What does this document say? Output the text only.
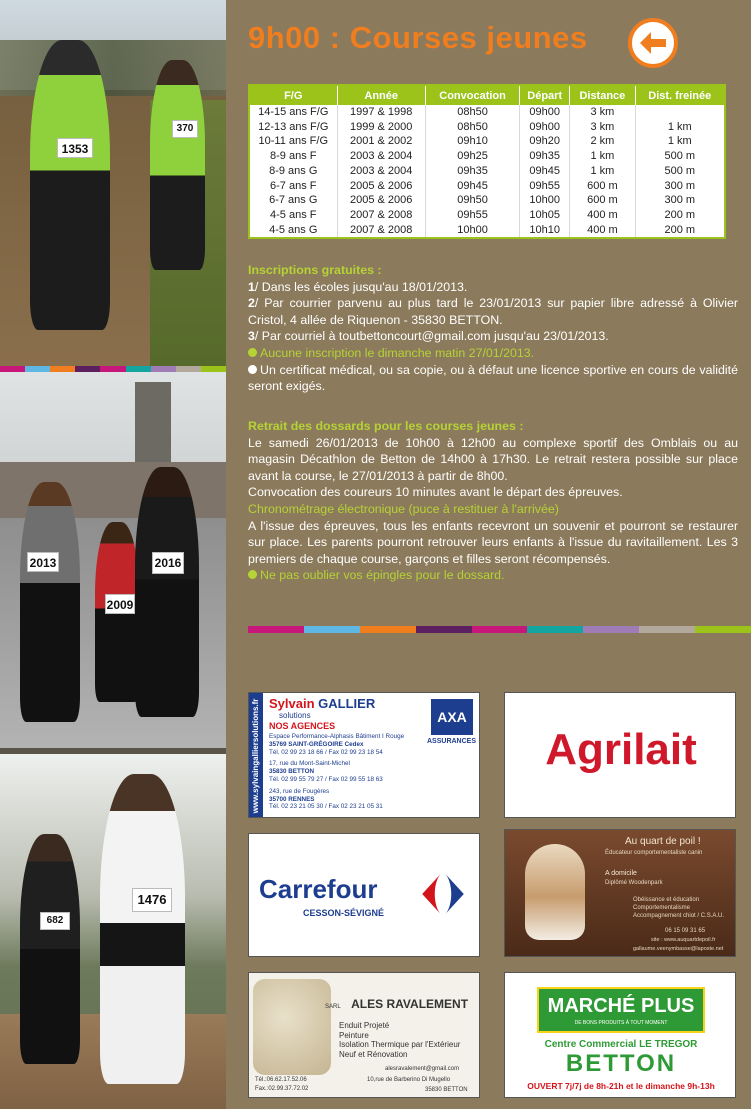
1353
370
2013	2016
2009
682
1476
9h00 : Courses jeunes
F/G	Année	Convocation	Départ	Distance	Dist. freinée
14-15 ans F/G	1997 & 1998	08h50	09h00	3 km	
12-13 ans F/G	1999 & 2000	08h50	09h00	3 km	1 km
10-11 ans F/G	2001 & 2002	09h10	09h20	2 km	1 km
8-9 ans F	2003 & 2004	09h25	09h35	1 km	500 m
8-9 ans G	2003 & 2004	09h35	09h45	1 km	500 m
6-7 ans F	2005 & 2006	09h45	09h55	600 m	300 m
6-7 ans G	2005 & 2006	09h50	10h00	600 m	300 m
4-5 ans F	2007 & 2008	09h55	10h05	400 m	200 m
4-5 ans G	2007 & 2008	10h00	10h10	400 m	200 m
Inscriptions gratuites :

1/ Dans les écoles jusqu'au 18/01/2013.

2/ Par courrier parvenu au plus tard le 23/01/2013 sur papier libre adressé à Olivier Cristol, 4 allée de Riquenon - 35830 BETTON.

3/ Par courriel à toutbettoncourt@gmail.com jusqu'au 23/01/2013.

Aucune inscription le dimanche matin 27/01/2013.

Un certificat médical, ou sa copie, ou à défaut une licence sportive en cours de validité seront exigés.

Retrait des dossards pour les courses jeunes :

Le samedi 26/01/2013 de 10h00 à 12h00 au complexe sportif des Omblais ou au magasin Décathlon de Betton de 14h00 à 17h30. Le retrait restera possible sur place avant la course, le 27/01/2013 à partir de 8h00.

Convocation des coureurs 10 minutes avant le départ des épreuves.

Chronométrage électronique (puce à restituer à l'arrivée)

A l'issue des épreuves, tous les enfants recevront un souvenir et pourront se restaurer sur place. Les parents pourront retrouver leurs enfants à l'issue du ravitaillement. Les 3 premiers de chaque course, garçons et filles seront récompensés.

Ne pas oublier vos épingles pour le dossard.

www.sylvaingalliersolutions.fr Sylvain GALLIER
solutions
NOS AGENCES
Espace Performance-Alphasis Bâtiment I Rouge
35769 SAINT-GRÉGOIRE Cedex
Tél. 02 99 23 18 66 / Fax 02 99 23 18 54
17, rue du Mont-Saint-Michel
35830 BETTON
Tél. 02 99 55 79 27 / Fax 02 99 55 18 63
243, rue de Fougères
35700 RENNES
Tél. 02 23 21 05 30 / Fax 02 23 21 05 31
AXA
ASSURANCES	Agrilait
Carrefour
CESSON-SÉVIGNÉ
Au quart de poil !
Éducateur comportementaliste canin
A domicile
Diplômé Woodenpark
Obéissance et éducation
Comportementalisme
Accompagnement chiot / C.S.A.U.
06 15 09 31 65
site : www.auquartdepoil.fr
gallaume.veenymbasse@laposte.net
SARL ALES RAVALEMENT
Enduit Projeté
Peinture
Isolation Thermique par l'Extérieur
Neuf et Rénovation
alesravalement@gmail.com
Tél.:06.62.17.52.06
Fax.:02.99.37.72.02
10,rue de Barberino Di Mugello
35830 BETTON
MARCHÉ PLUS
DE BONS PRODUITS À TOUT MOMENT
Centre Commercial LE TREGOR
BETTON
OUVERT 7j/7j de 8h-21h et le dimanche 9h-13h
